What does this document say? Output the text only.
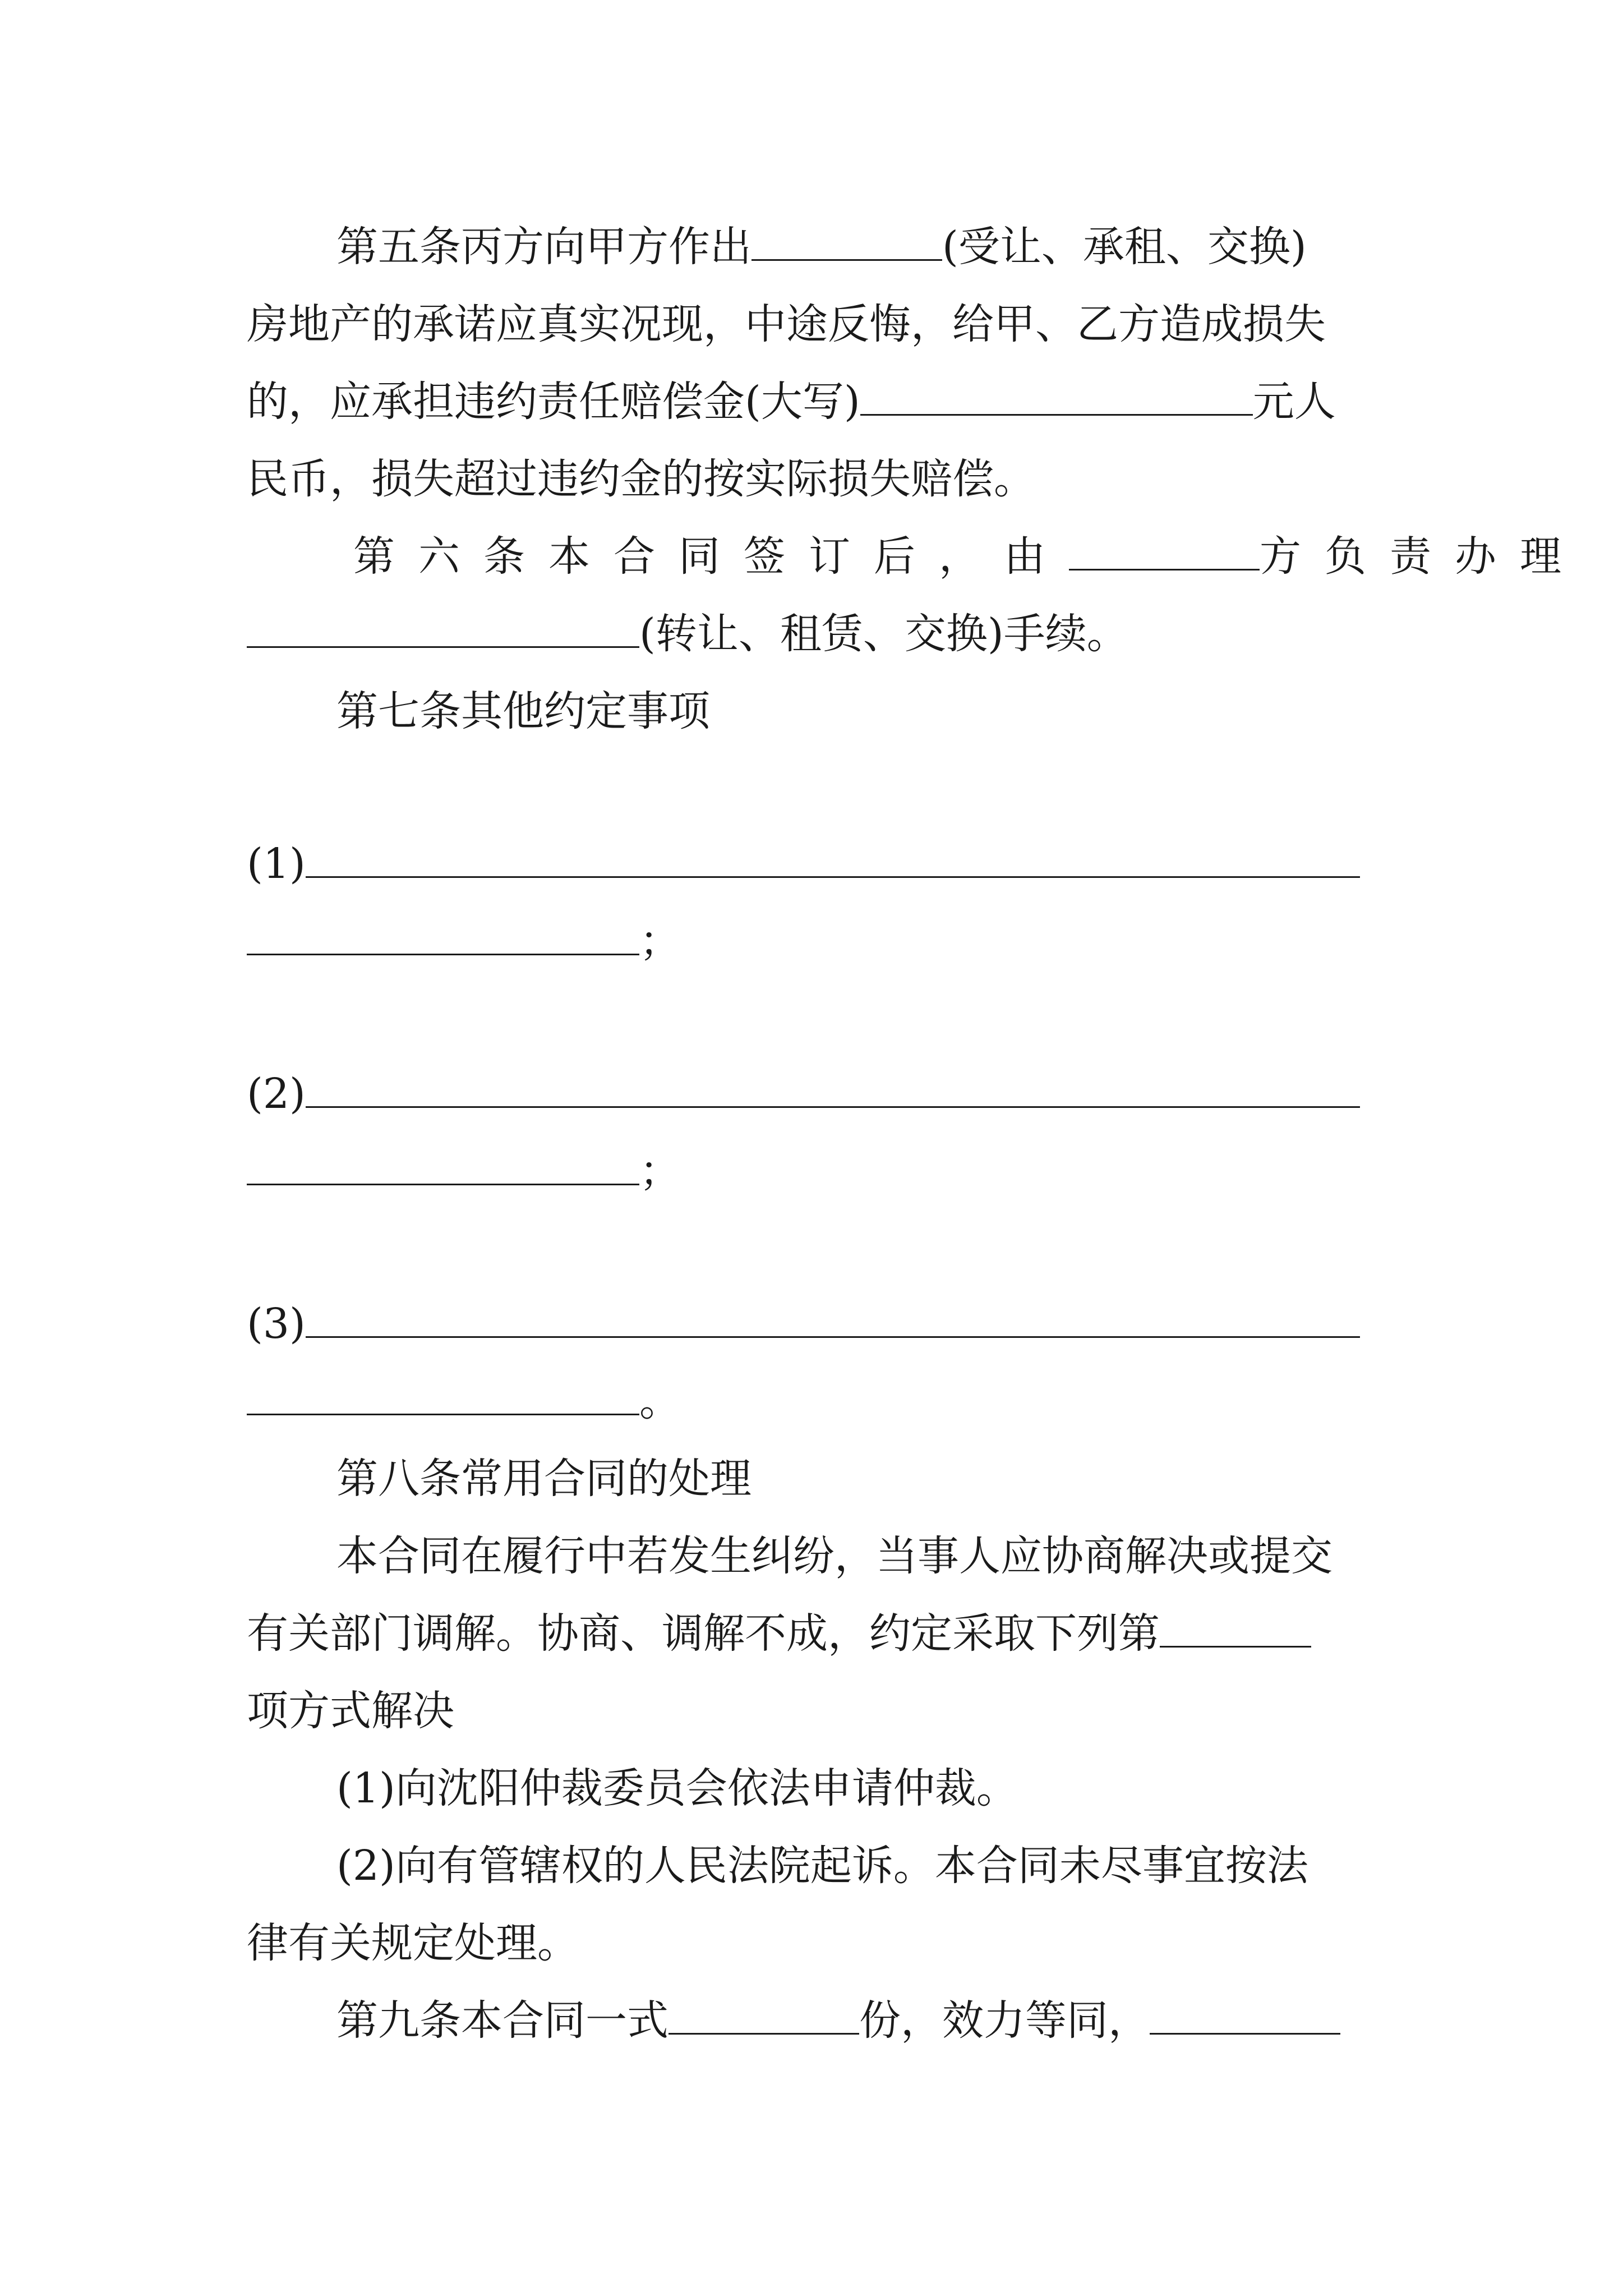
第五条丙方向甲方作出	(受让、承租、交换)
房地产的承诺应真实况现，中途反悔，给甲、乙方造成损失
的，应承担违约责任赔偿金(大写)	元人
民币，损失超过违约金的按实际损失赔偿。
第六条本合同签订后，由	方负责办理
(转让、租赁、交换)手续。
第七条其他约定事项
(1)
；
(2)
；
(3)
。
第八条常用合同的处理
本合同在履行中若发生纠纷，当事人应协商解决或提交
有关部门调解。协商、调解不成，约定采取下列第
项方式解决
(1)向沈阳仲裁委员会依法申请仲裁。
(2)向有管辖权的人民法院起诉。本合同未尽事宜按法
律有关规定处理。
第九条本合同一式	份，效力等同，
